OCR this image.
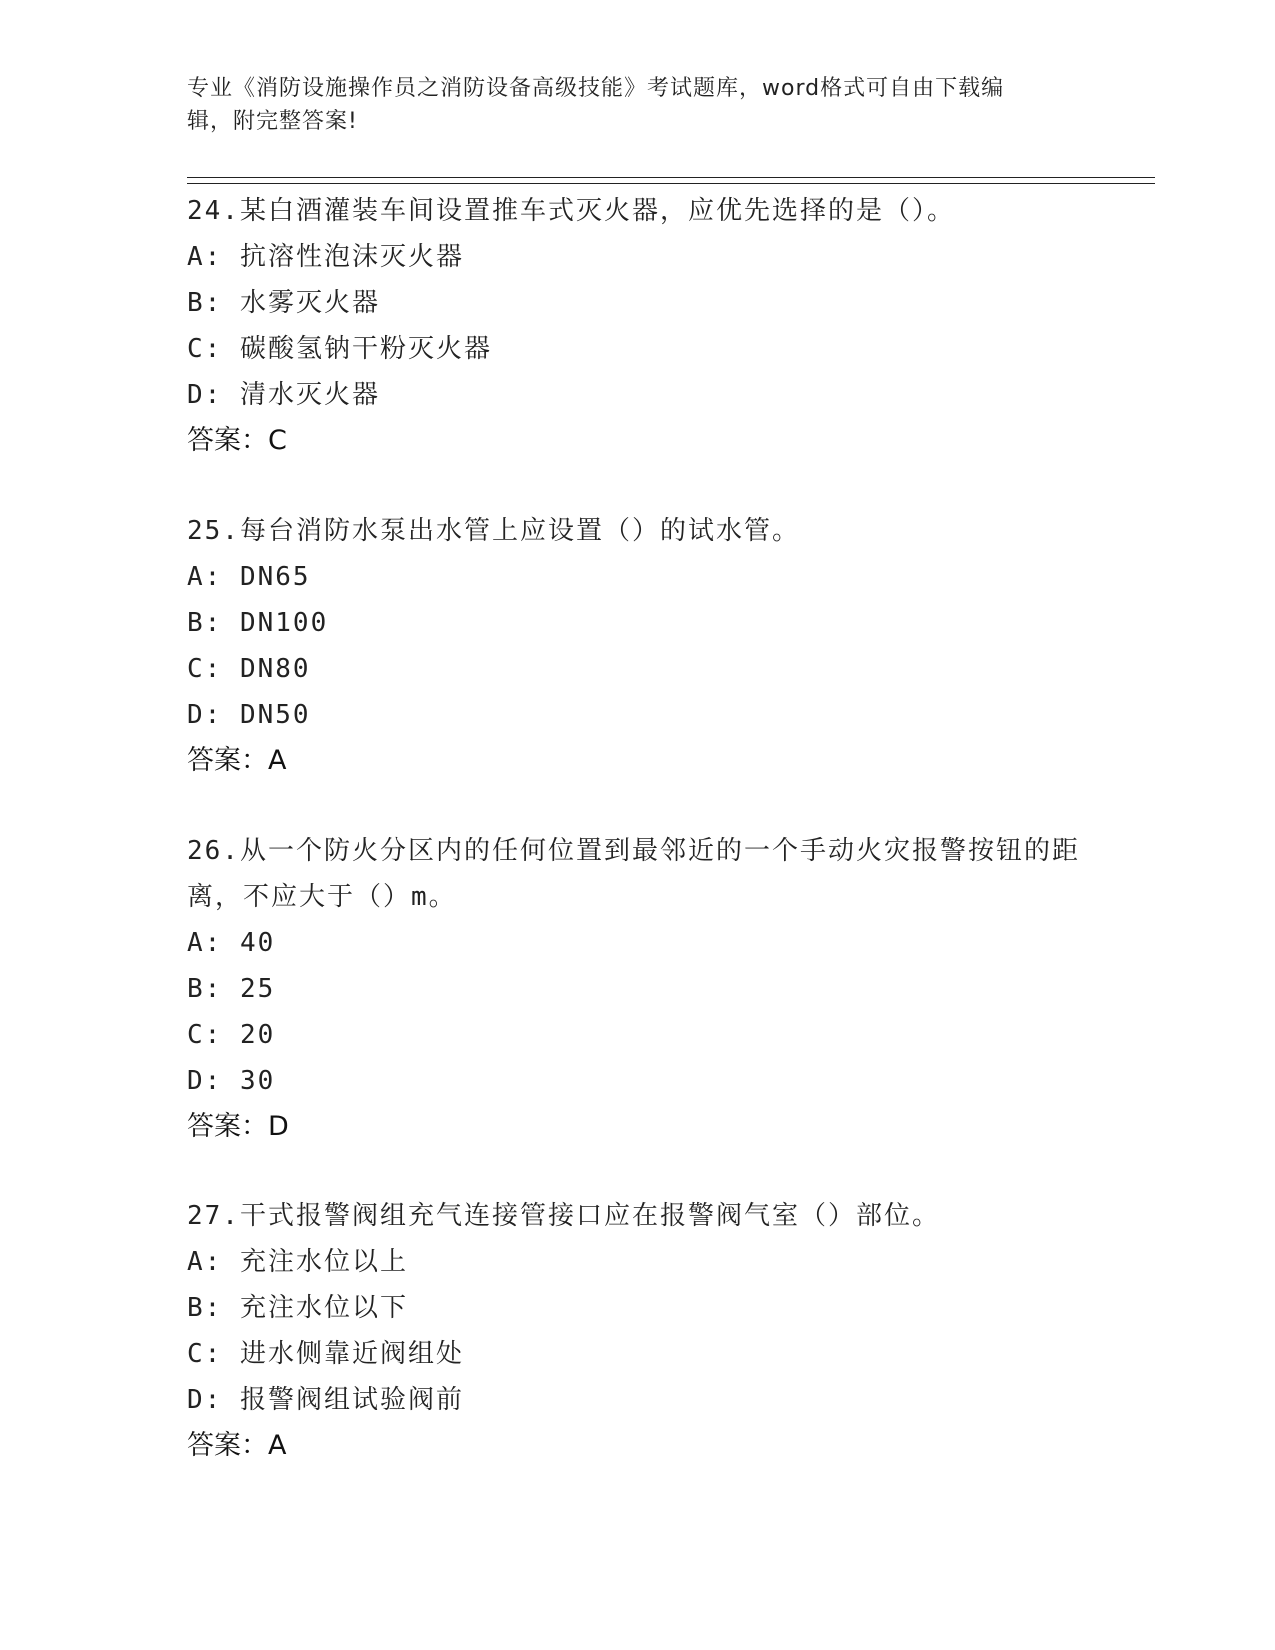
专业《消防设施操作员之消防设备高级技能》考试题库，word格式可自由下载编
辑，附完整答案!
24.某白酒灌装车间设置推车式灭火器，应优先选择的是（）。
A: 抗溶性泡沫灭火器
B: 水雾灭火器
C: 碳酸氢钠干粉灭火器
D: 清水灭火器
答案：C
25.每台消防水泵出水管上应设置（）的试水管。
A: DN65
B: DN100
C: DN80
D: DN50
答案：A
26.从一个防火分区内的任何位置到最邻近的一个手动火灾报警按钮的距离，不应大于（）m。
A: 40
B: 25
C: 20
D: 30
答案：D
27.干式报警阀组充气连接管接口应在报警阀气室（）部位。
A: 充注水位以上
B: 充注水位以下
C: 进水侧靠近阀组处
D: 报警阀组试验阀前
答案：A
